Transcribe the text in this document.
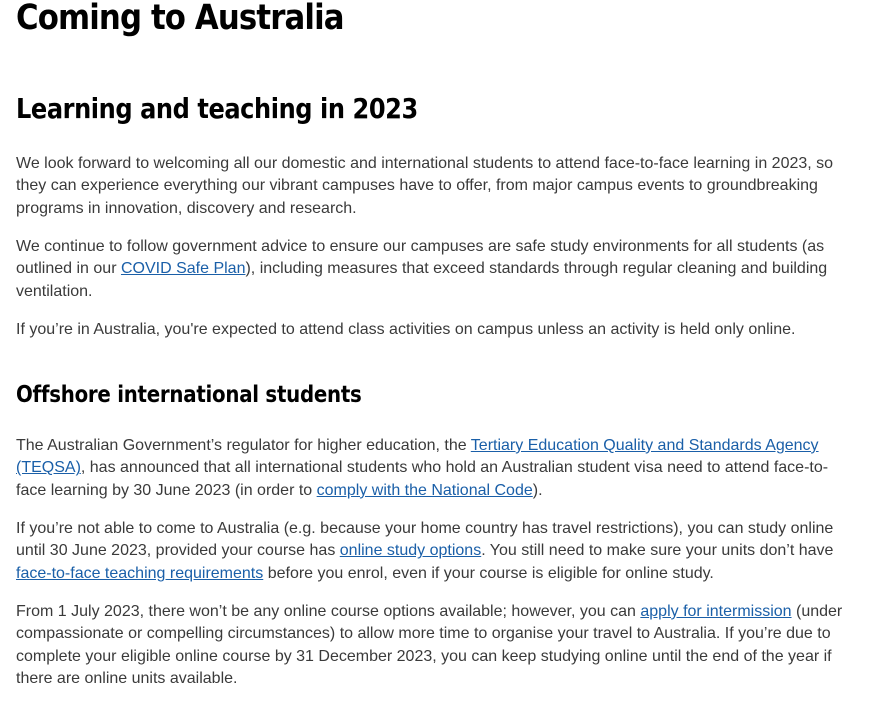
Coming to Australia
Learning and teaching in 2023

We look forward to welcoming all our domestic and international students to attend face-to-face learning in 2023, so they can experience everything our vibrant campuses have to offer, from major campus events to groundbreaking programs in innovation, discovery and research.

We continue to follow government advice to ensure our campuses are safe study environments for all students (as outlined in our COVID Safe Plan), including measures that exceed standards through regular cleaning and building ventilation.

If you’re in Australia, you're expected to attend class activities on campus unless an activity is held only online.

Offshore international students

The Australian Government’s regulator for higher education, the Tertiary Education Quality and Standards Agency (TEQSA), has announced that all international students who hold an Australian student visa need to attend face-to-face learning by 30 June 2023 (in order to comply with the National Code).

If you’re not able to come to Australia (e.g. because your home country has travel restrictions), you can study online until 30 June 2023, provided your course has online study options. You still need to make sure your units don’t have face-to-face teaching requirements before you enrol, even if your course is eligible for online study.

From 1 July 2023, there won’t be any online course options available; however, you can apply for intermission (under compassionate or compelling circumstances) to allow more time to organise your travel to Australia. If you’re due to complete your eligible online course by 31 December 2023, you can keep studying online until the end of the year if there are online units available.
